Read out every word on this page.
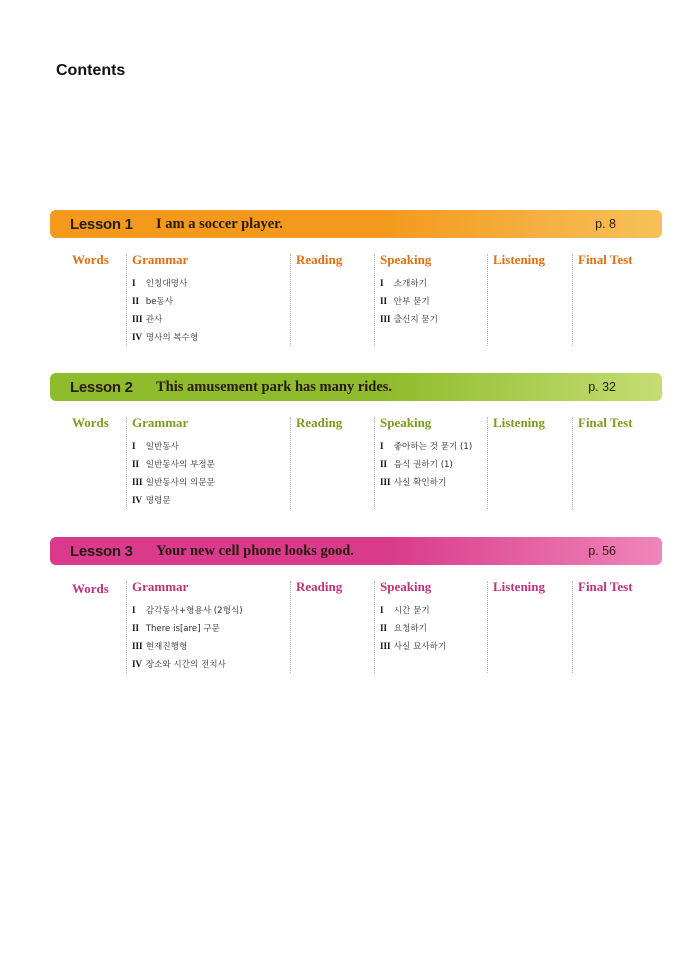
Contents
Lesson 1	I am a soccer player.	p. 8
Words Grammar
I 인칭대명사
II be동사
III 관사
IV 명사의 복수형
Reading	Speaking
I 소개하기
II 안부 묻기
III 출신지 묻기
Listening	Final Test
Lesson 2	This amusement park has many rides.	p. 32
Words Grammar
I 일반동사
II 일반동사의 부정문
III 일반동사의 의문문
IV 명령문
Reading	Speaking
I 좋아하는 것 묻기 (1)
II 음식 권하기 (1)
III 사실 확인하기
Listening	Final Test
Lesson 3	Your new cell phone looks good.	p. 56
Words Grammar
I 감각동사+형용사 (2형식)
II There is[are] 구문
III 현재진행형
IV 장소와 시간의 전치사
Reading	Speaking
I 시간 묻기
II 요청하기
III 사실 묘사하기
Listening	Final Test
